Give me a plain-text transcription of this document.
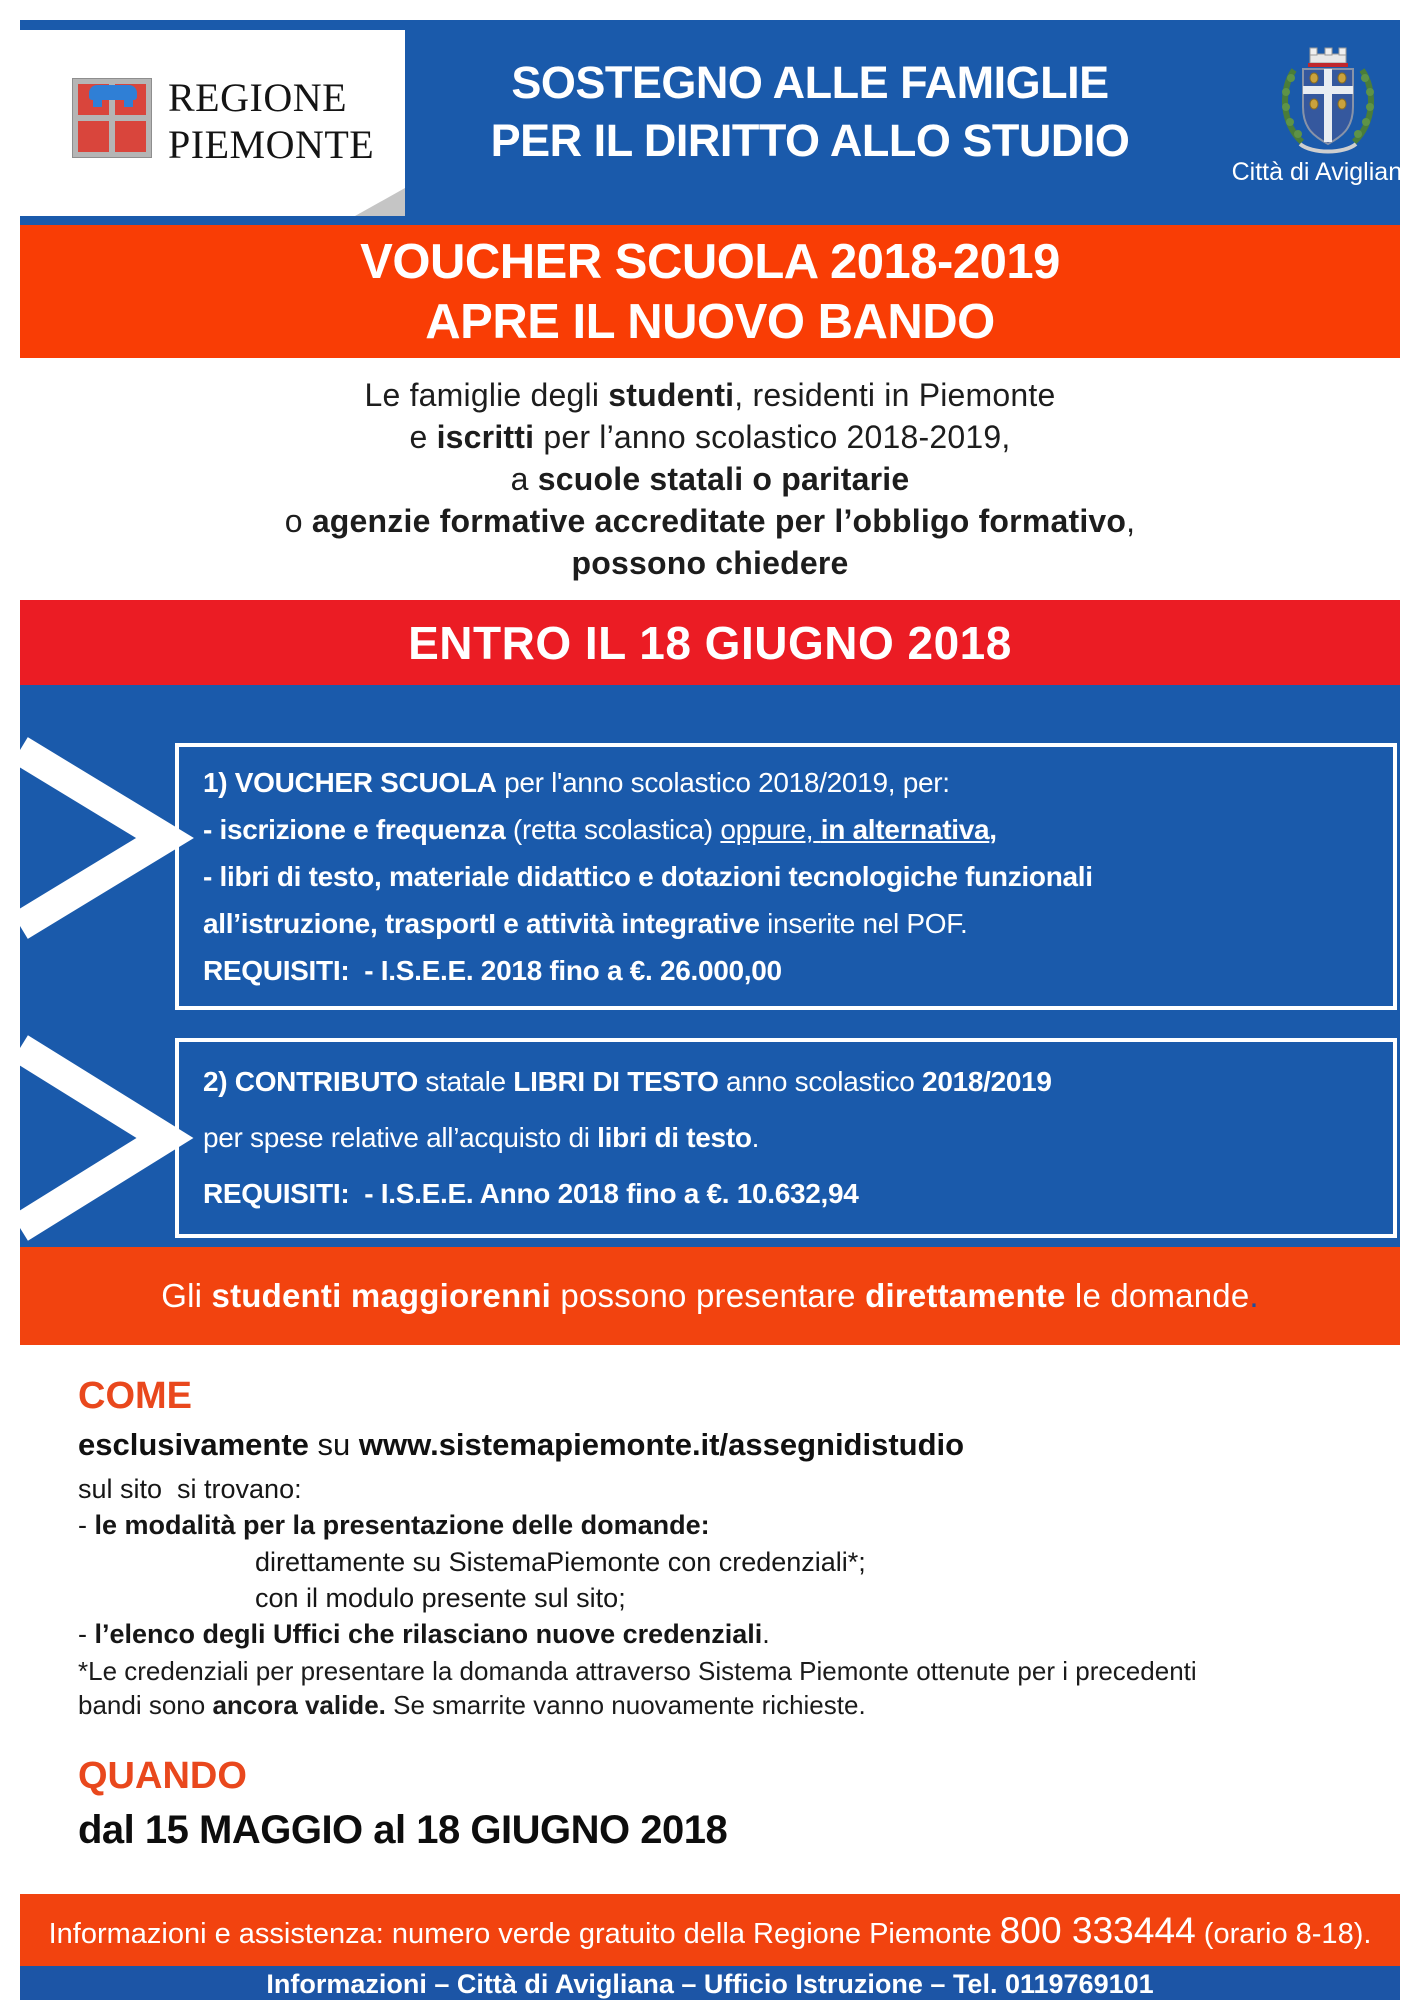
SOSTEGNO ALLE FAMIGLIE
PER IL DIRITTO ALLO STUDIO
REGIONE
PIEMONTE
Città di Avigliana
VOUCHER SCUOLA 2018-2019
APRE IL NUOVO BANDO
Le famiglie degli studenti, residenti in Piemonte
e iscritti per l’anno scolastico 2018-2019,
a scuole statali o paritarie
o agenzie formative accreditate per l’obbligo formativo,
possono chiedere
ENTRO IL 18 GIUGNO 2018
1) VOUCHER SCUOLA per l'anno scolastico 2018/2019, per:
- iscrizione e frequenza (retta scolastica) oppure, in alternativa,
- libri di testo, materiale didattico e dotazioni tecnologiche funzionali
all’istruzione, trasportI e attività integrative inserite nel POF.
REQUISITI:  - I.S.E.E. 2018 fino a €. 26.000,00
2) CONTRIBUTO statale LIBRI DI TESTO anno scolastico 2018/2019
per spese relative all’acquisto di libri di testo.
REQUISITI:  - I.S.E.E. Anno 2018 fino a €. 10.632,94
Gli studenti maggiorenni possono presentare direttamente le domande.
COME
esclusivamente su www.sistemapiemonte.it/assegnidistudio
sul sito  si trovano:
- le modalità per la presentazione delle domande:
direttamente su SistemaPiemonte con credenziali*;
con il modulo presente sul sito;
- l’elenco degli Uffici che rilasciano nuove credenziali.
*Le credenziali per presentare la domanda attraverso Sistema Piemonte ottenute per i precedenti
bandi sono ancora valide. Se smarrite vanno nuovamente richieste.
QUANDO
dal 15 MAGGIO al 18 GIUGNO 2018
Informazioni e assistenza: numero verde gratuito della Regione Piemonte 800 333444 (orario 8-18).
Informazioni – Città di Avigliana – Ufficio Istruzione – Tel. 0119769101
